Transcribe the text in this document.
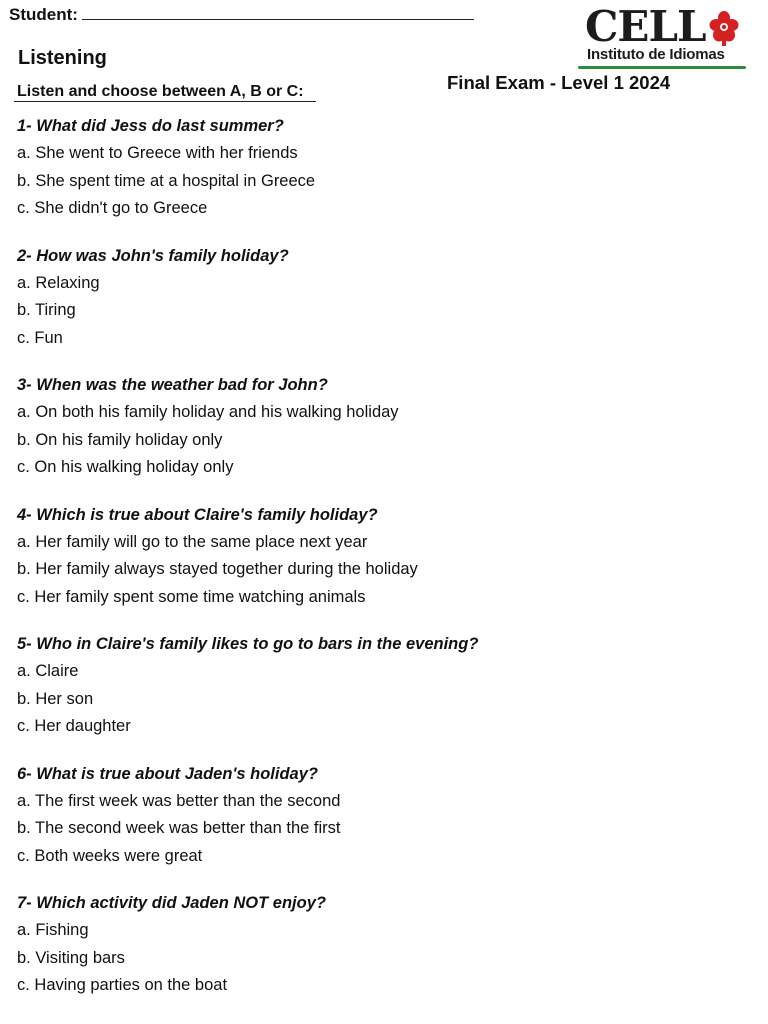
Student:
Listening
Listen and choose between A, B or C:	Final Exam - Level 1 2024
CELL
Instituto de Idiomas
1- What did Jess do last summer?
a. She went to Greece with her friends
b. She spent time at a hospital in Greece
c. She didn't go to Greece
2- How was John's family holiday?
a. Relaxing
b. Tiring
c. Fun
3- When was the weather bad for John?
a. On both his family holiday and his walking holiday
b. On his family holiday only
c. On his walking holiday only
4- Which is true about Claire's family holiday?
a. Her family will go to the same place next year
b. Her family always stayed together during the holiday
c. Her family spent some time watching animals
5- Who in Claire's family likes to go to bars in the evening?
a. Claire
b. Her son
c. Her daughter
6- What is true about Jaden's holiday?
a. The first week was better than the second
b. The second week was better than the first
c. Both weeks were great
7- Which activity did Jaden NOT enjoy?
a. Fishing
b. Visiting bars
c. Having parties on the boat
